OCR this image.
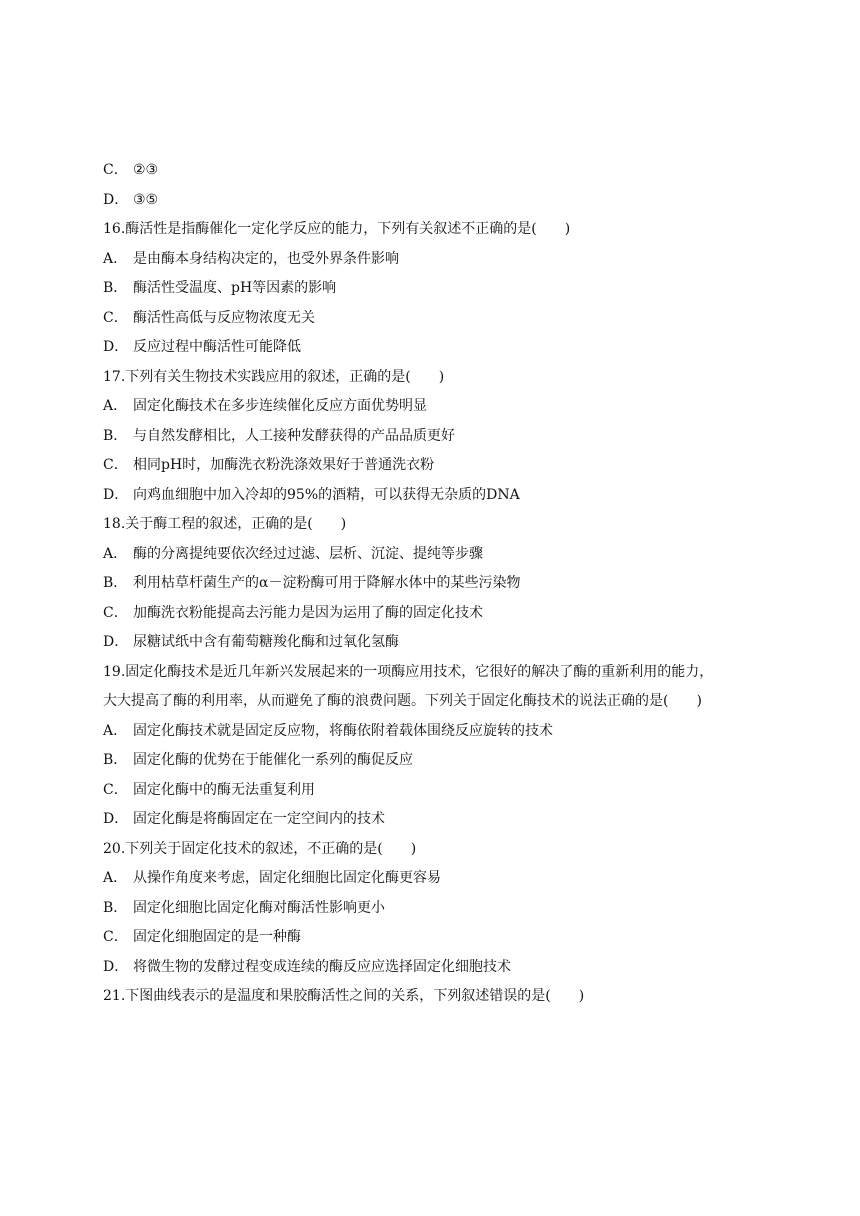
C． ②③
D． ③⑤
16.酶活性是指酶催化一定化学反应的能力，下列有关叙述不正确的是(　　)
A． 是由酶本身结构决定的，也受外界条件影响
B． 酶活性受温度、pH等因素的影响
C． 酶活性高低与反应物浓度无关
D． 反应过程中酶活性可能降低
17.下列有关生物技术实践应用的叙述，正确的是(　　)
A． 固定化酶技术在多步连续催化反应方面优势明显
B． 与自然发酵相比，人工接种发酵获得的产品品质更好
C． 相同pH时，加酶洗衣粉洗涤效果好于普通洗衣粉
D． 向鸡血细胞中加入冷却的95%的酒精，可以获得无杂质的DNA
18.关于酶工程的叙述，正确的是(　　)
A． 酶的分离提纯要依次经过过滤、层析、沉淀、提纯等步骤
B． 利用枯草杆菌生产的α－淀粉酶可用于降解水体中的某些污染物
C． 加酶洗衣粉能提高去污能力是因为运用了酶的固定化技术
D． 尿糖试纸中含有葡萄糖羧化酶和过氧化氢酶
19.固定化酶技术是近几年新兴发展起来的一项酶应用技术，它很好的解决了酶的重新利用的能力，
大大提高了酶的利用率，从而避免了酶的浪费问题。下列关于固定化酶技术的说法正确的是(　　)
A． 固定化酶技术就是固定反应物，将酶依附着载体围绕反应旋转的技术
B． 固定化酶的优势在于能催化一系列的酶促反应
C． 固定化酶中的酶无法重复利用
D． 固定化酶是将酶固定在一定空间内的技术
20.下列关于固定化技术的叙述，不正确的是(　　)
A． 从操作角度来考虑，固定化细胞比固定化酶更容易
B． 固定化细胞比固定化酶对酶活性影响更小
C． 固定化细胞固定的是一种酶
D． 将微生物的发酵过程变成连续的酶反应应选择固定化细胞技术
21.下图曲线表示的是温度和果胶酶活性之间的关系，下列叙述错误的是(　　)
